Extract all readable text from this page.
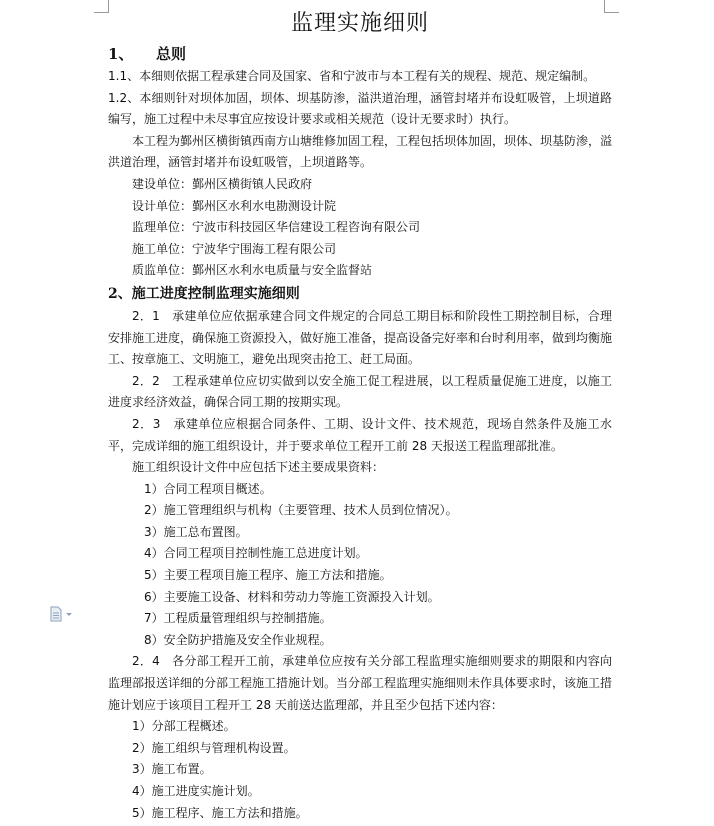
监理实施细则
1、 总则

1.1、本细则依据工程承建合同及国家、省和宁波市与本工程有关的规程、规范、规定编制。

1.2、本细则针对坝体加固，坝体、坝基防渗，溢洪道治理，涵管封堵并布设虹吸管，上坝道路编写，施工过程中未尽事宜应按设计要求或相关规范（设计无要求时）执行。

本工程为鄞州区横街镇西南方山塘维修加固工程，工程包括坝体加固，坝体、坝基防渗，溢洪道治理，涵管封堵并布设虹吸管，上坝道路等。

建设单位：鄞州区横街镇人民政府

设计单位：鄞州区水利水电勘测设计院

监理单位：宁波市科技园区华信建设工程咨询有限公司

施工单位：宁波华宁围海工程有限公司

质监单位：鄞州区水利水电质量与安全监督站

2、施工进度控制监理实施细则

2．1　承建单位应依据承建合同文件规定的合同总工期目标和阶段性工期控制目标，合理安排施工进度，确保施工资源投入，做好施工准备，提高设备完好率和台时利用率，做到均衡施工、按章施工、文明施工，避免出现突击抢工、赶工局面。

2．2　工程承建单位应切实做到以安全施工促工程进展，以工程质量促施工进度，以施工进度求经济效益，确保合同工期的按期实现。

2．3　承建单位应根据合同条件、工期、设计文件、技术规范，现场自然条件及施工水平，完成详细的施工组织设计，并于要求单位工程开工前 28 天报送工程监理部批准。

施工组织设计文件中应包括下述主要成果资料：

1）合同工程项目概述。

2）施工管理组织与机构（主要管理、技术人员到位情况）。

3）施工总布置图。

4）合同工程项目控制性施工总进度计划。

5）主要工程项目施工程序、施工方法和措施。

6）主要施工设备、材料和劳动力等施工资源投入计划。

7）工程质量管理组织与控制措施。

8）安全防护措施及安全作业规程。

2．4　各分部工程开工前，承建单位应按有关分部工程监理实施细则要求的期限和内容向监理部报送详细的分部工程施工措施计划。当分部工程监理实施细则未作具体要求时，该施工措施计划应于该项目工程开工 28 天前送达监理部，并且至少包括下述内容：

1）分部工程概述。

2）施工组织与管理机构设置。

3）施工布置。

4）施工进度实施计划。

5）施工程序、施工方法和措施。
